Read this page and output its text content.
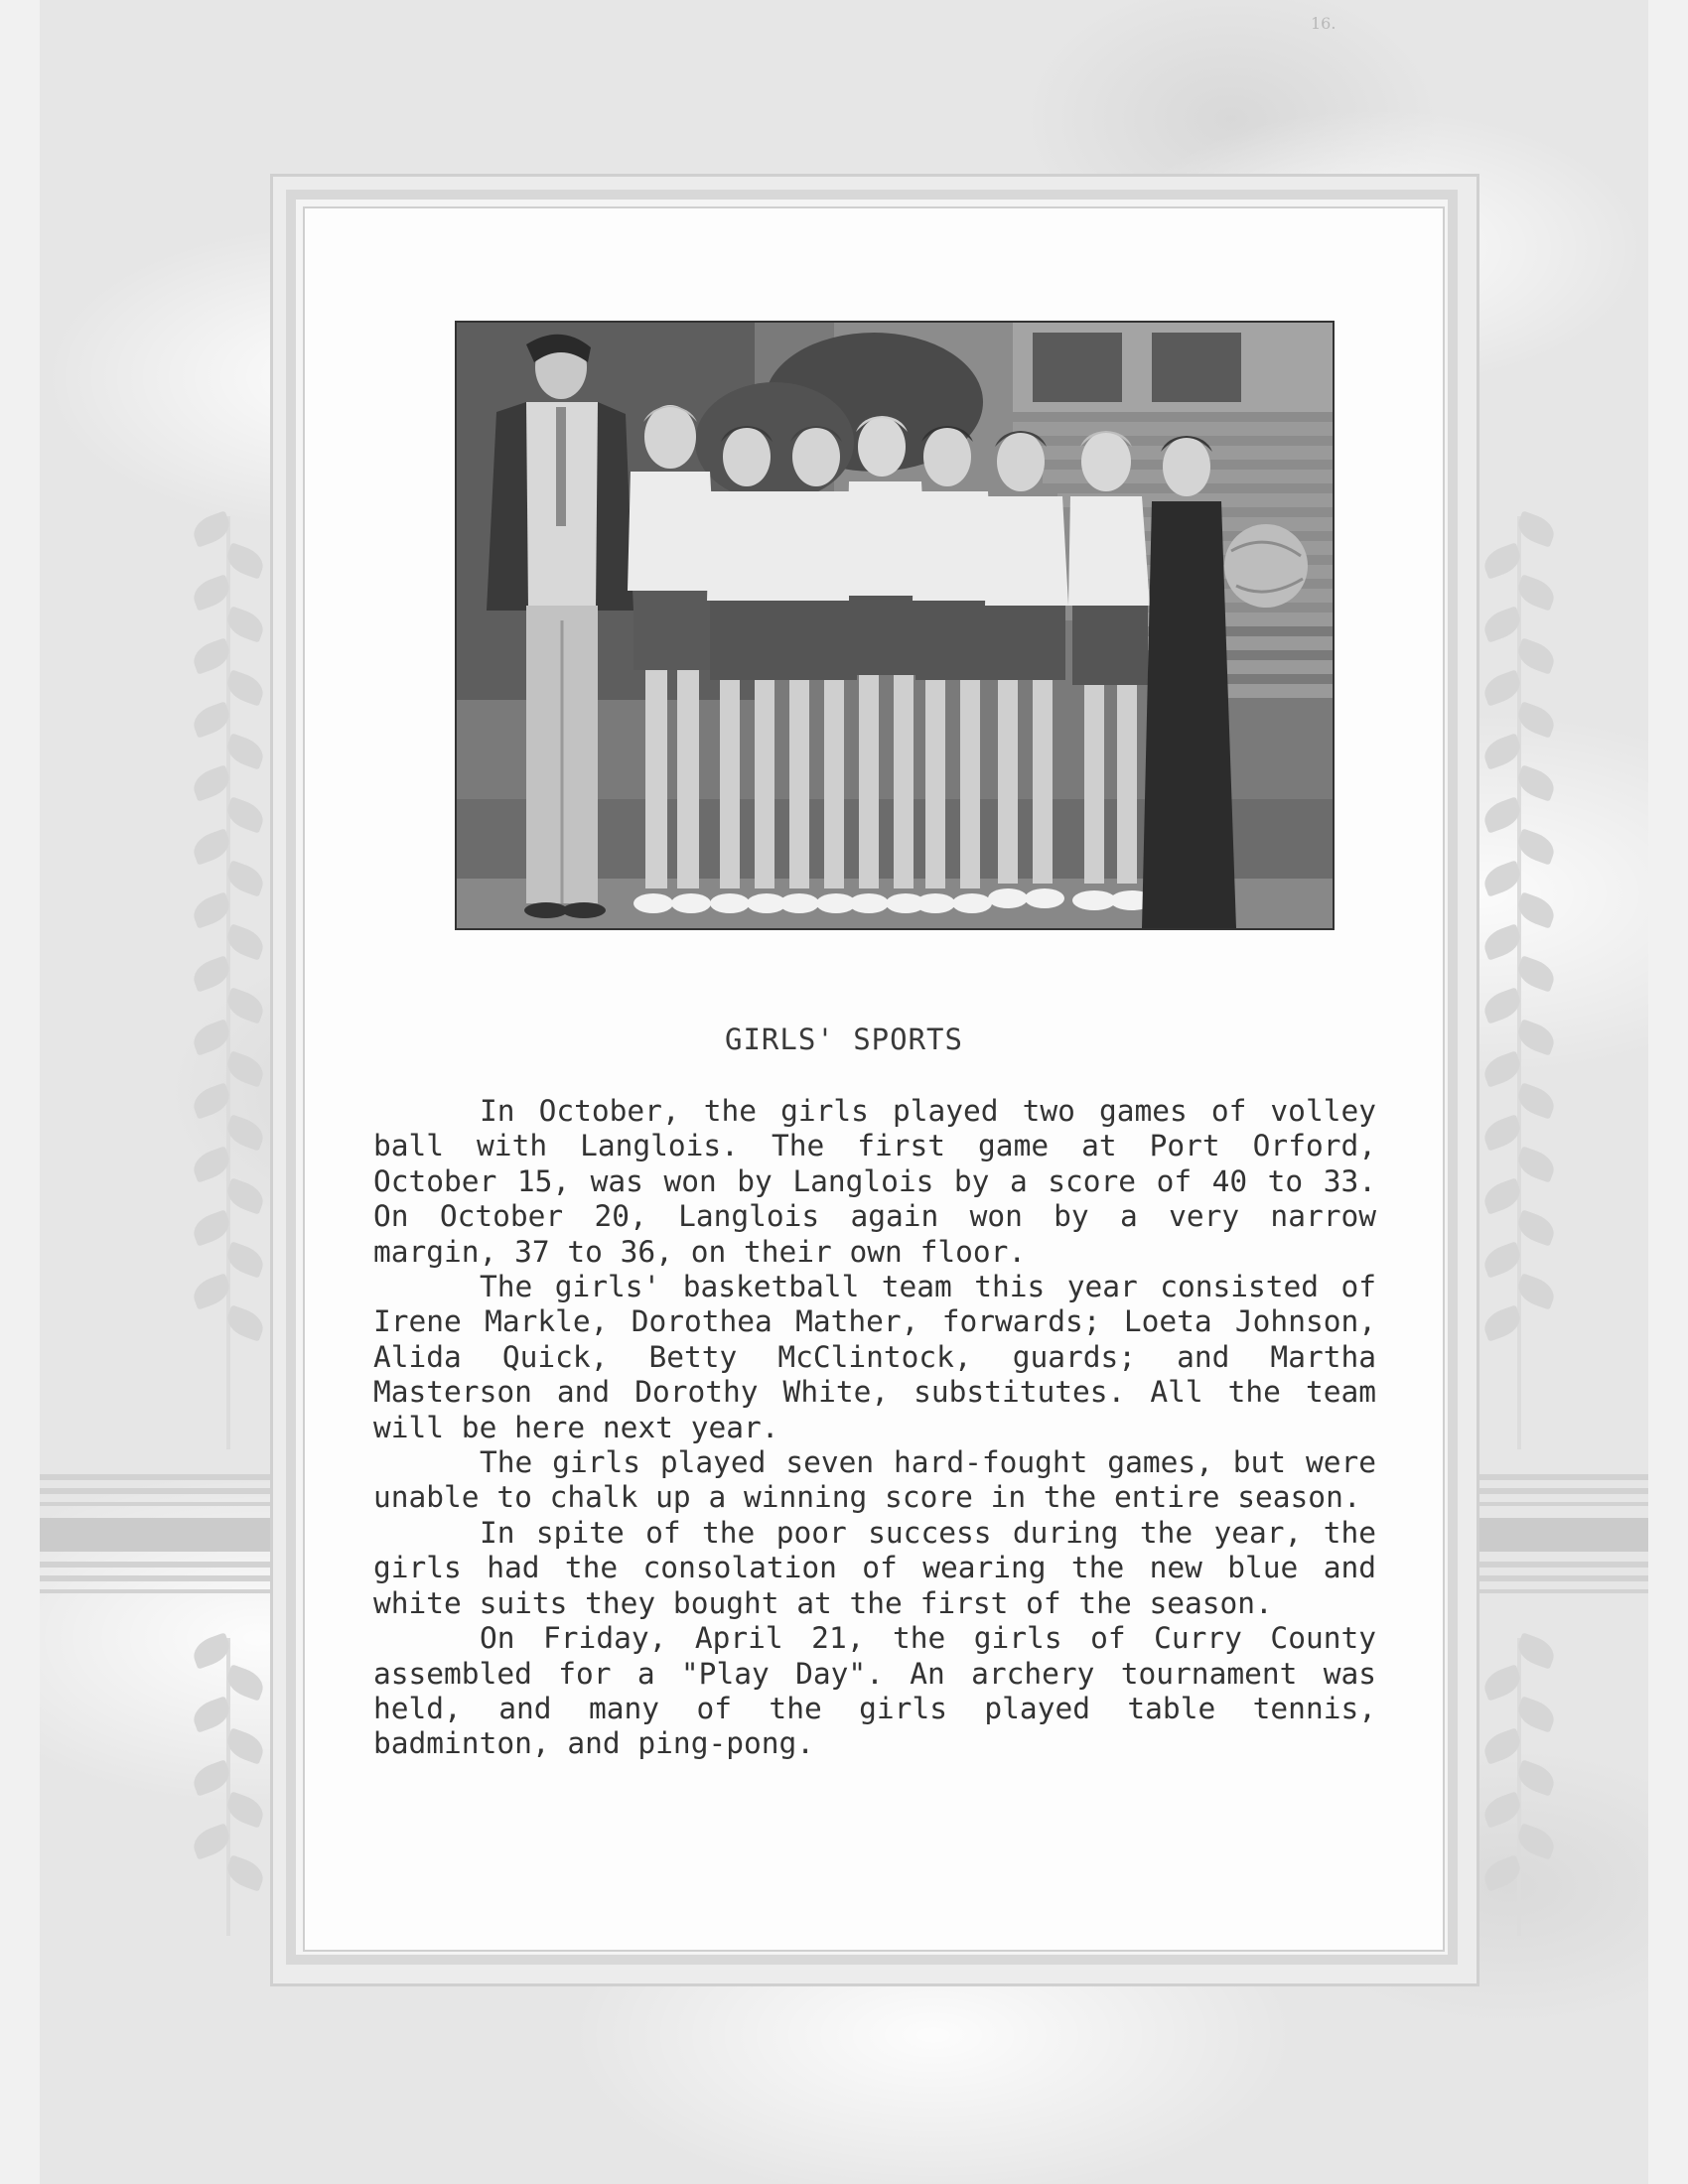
16.
GIRLS' SPORTS

In October, the girls played two games of volley ball with Langlois. The first game at Port Orford, October 15, was won by Langlois by a score of 40 to 33. On October 20, Langlois again won by a very narrow margin, 37 to 36, on their own floor.

The girls' basketball team this year consisted of Irene Markle, Dorothea Mather, forwards; Loeta Johnson, Alida Quick, Betty McClintock, guards; and Martha Masterson and Dorothy White, substitutes. All the team will be here next year.

The girls played seven hard-fought games, but were unable to chalk up a winning score in the entire season.

In spite of the poor success during the year, the girls had the consolation of wearing the new blue and white suits they bought at the first of the season.

On Friday, April 21, the girls of Curry County assembled for a "Play Day". An archery tournament was held, and many of the girls played table tennis, badminton, and ping-pong.
